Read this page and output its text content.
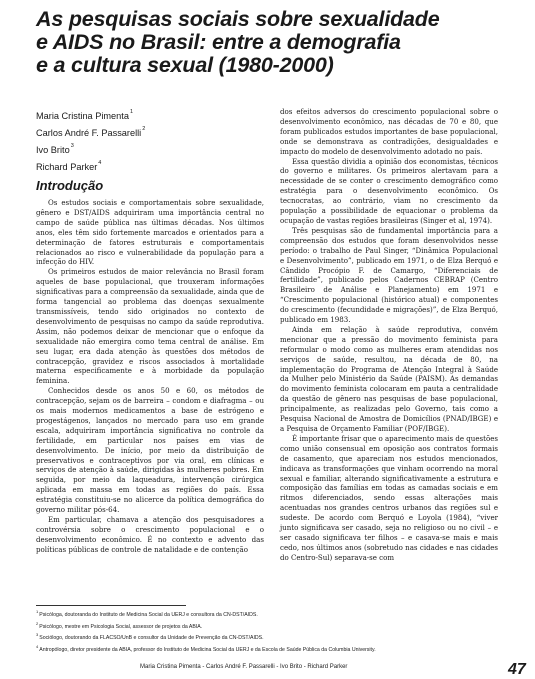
As pesquisas sociais sobre sexualidade
e AIDS no Brasil: entre a demografia
e a cultura sexual (1980-2000)
Maria Cristina Pimenta$^1$
Carlos André F. Passarelli$^2$
Ivo Brito$^3$
Richard Parker$^4$
Introdução

Os estudos sociais e comportamentais sobre sexualidade, gênero e DST/AIDS adquiriram uma importância central no campo de saúde pública nas últimas décadas. Nos últimos anos, eles têm sido fortemente marcados e orientados para a determinação de fatores estruturais e comportamentais relacionados ao risco e vulnerabilidade da população para a infecção do HIV.

Os primeiros estudos de maior relevância no Brasil foram aqueles de base populacional, que trouxeram informações significativas para a compreensão da sexualidade, ainda que de forma tangencial ao problema das doenças sexualmente transmissíveis, tendo sido originados no contexto de desenvolvimento de pesquisas no campo da saúde reprodutiva. Assim, não podemos deixar de mencionar que o enfoque da sexualidade não emergira como tema central de análise. Em seu lugar, era dada atenção às questões dos métodos de contracepção, gravidez e riscos associados à mortalidade materna especificamente e à morbidade da população feminina.

Conhecidos desde os anos 50 e 60, os métodos de contracepção, sejam os de barreira – condom e diafragma – ou os mais modernos medicamentos a base de estrógeno e progestágenos, lançados no mercado para uso em grande escala, adquiriram importância significativa no controle da fertilidade, em particular nos países em vias de desenvolvimento. De início, por meio da distribuição de preservativos e contraceptivos por via oral, em clínicas e serviços de atenção à saúde, dirigidas às mulheres pobres. Em seguida, por meio da laqueadura, intervenção cirúrgica aplicada em massa em todas as regiões do país. Essa estratégia constituiu-se no alicerce da política demográfica do governo militar pós-64.

Em particular, chamava a atenção dos pesquisadores a controvérsia sobre o crescimento populacional e o desenvolvimento econômico. É no contexto e advento das políticas públicas de controle de natalidade e de contenção

dos efeitos adversos do crescimento populacional sobre o desenvolvimento econômico, nas décadas de 70 e 80, que foram publicados estudos importantes de base populacional, onde se demonstrava as contradições, desigualdades e impacto do modelo de desenvolvimento adotado no país.

Essa questão dividia a opinião dos economistas, técnicos do governo e militares. Os primeiros alertavam para a necessidade de se conter o crescimento demográfico como estratégia para o desenvolvimento econômico. Os tecnocratas, ao contrário, viam no crescimento da população a possibilidade de equacionar o problema da ocupação de vastas regiões brasileiras (Singer et al, 1974).

Três pesquisas são de fundamental importância para a compreensão dos estudos que foram desenvolvidos nesse período: o trabalho de Paul Singer, “Dinâmica Populacional e Desenvolvimento”, publicado em 1971, o de Elza Berquó e Cândido Procópio F. de Camargo, “Diferenciais de fertilidade”, publicado pelos Cadernos CEBRAP (Centro Brasileiro de Análise e Planejamento) em 1971 e “Crescimento populacional (histórico atual) e componentes do crescimento (fecundidade e migrações)”, de Elza Berquó, publicado em 1983.

Ainda em relação à saúde reprodutiva, convém mencionar que a pressão do movimento feminista para reformular o modo como as mulheres eram atendidas nos serviços de saúde, resultou, na década de 80, na implementação do Programa de Atenção Integral à Saúde da Mulher pelo Ministério da Saúde (PAISM). As demandas do movimento feminista colocaram em pauta a centralidade da questão de gênero nas pesquisas de base populacional, principalmente, as realizadas pelo Governo, tais como a Pesquisa Nacional de Amostra de Domicílios (PNAD/IBGE) e a Pesquisa de Orçamento Familiar (POF/IBGE).

É importante frisar que o aparecimento mais de questões como união consensual em oposição aos contratos formais de casamento, que apareciam nos estudos mencionados, indicava as transformações que vinham ocorrendo na moral sexual e familiar, alterando significativamente a estrutura e composição das famílias em todas as camadas sociais e em ritmos diferenciados, sendo essas alterações mais acentuadas nos grandes centros urbanos das regiões sul e sudeste. De acordo com Berquó e Loyola (1984), “viver junto significava ser casado, seja no religioso ou no civil – e ser casado significava ter filhos – e casava-se mais e mais cedo, nos últimos anos (sobretudo nas cidades e nas cidades do Centro-Sul) separava-se com

$^1$Psicóloga, doutoranda do Instituto de Medicina Social da UERJ e consultora da CN-DST/AIDS.
$^2$Psicólogo, mestre em Psicologia Social, assessor de projetos da ABIA.
$^3$Sociólogo, doutorando da FLACSO/UnB e consultor da Unidade de Prevenção da CN-DST/AIDS.
$^4$Antropólogo, diretor presidente da ABIA, professor do Instituto de Medicina Social da UERJ e da Escola de Saúde Pública da Columbia University.
Maria Cristina Pimenta - Carlos André F. Passarelli - Ivo Brito - Richard Parker	47
